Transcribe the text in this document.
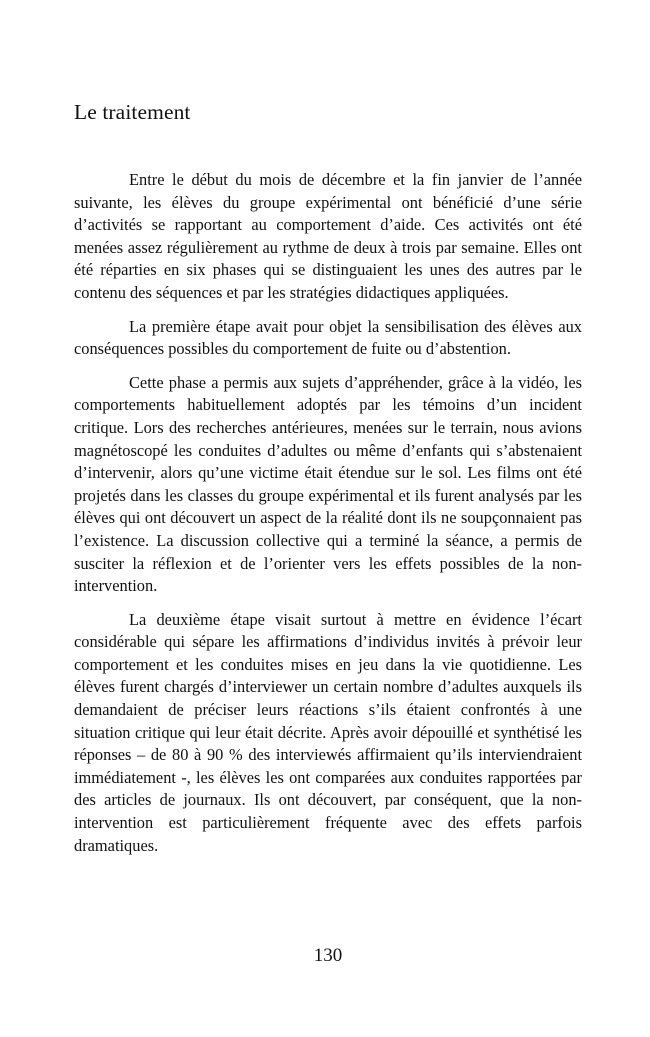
Le traitement

Entre le début du mois de décembre et la fin janvier de l’année suivante, les élèves du groupe expérimental ont bénéficié d’une série d’activités se rapportant au comportement d’aide. Ces activités ont été menées assez régulièrement au rythme de deux à trois par semaine. Elles ont été réparties en six phases qui se distinguaient les unes des autres par le contenu des séquences et par les stratégies didactiques appliquées.

La première étape avait pour objet la sensibilisation des élèves aux conséquences possibles du comportement de fuite ou d’abstention.

Cette phase a permis aux sujets d’appréhender, grâce à la vidéo, les comportements habituellement adoptés par les témoins d’un incident critique. Lors des recherches antérieures, menées sur le terrain, nous avions magnétoscopé les conduites d’adultes ou même d’enfants qui s’abstenaient d’intervenir, alors qu’une victime était étendue sur le sol. Les films ont été projetés dans les classes du groupe expérimental et ils furent analysés par les élèves qui ont découvert un aspect de la réalité dont ils ne soupçonnaient pas l’existence. La discussion collective qui a terminé la séance, a permis de susciter la réflexion et de l’orienter vers les effets possibles de la non-intervention.

La deuxième étape visait surtout à mettre en évidence l’écart considérable qui sépare les affirmations d’individus invités à prévoir leur comportement et les conduites mises en jeu dans la vie quotidienne. Les élèves furent chargés d’interviewer un certain nombre d’adultes auxquels ils demandaient de préciser leurs réactions s’ils étaient confrontés à une situation critique qui leur était décrite. Après avoir dépouillé et synthétisé les réponses – de 80 à 90 % des interviewés affirmaient qu’ils interviendraient immédiatement -, les élèves les ont comparées aux conduites rapportées par des articles de journaux. Ils ont découvert, par conséquent, que la non-intervention est particulièrement fréquente avec des effets parfois dramatiques.

130
